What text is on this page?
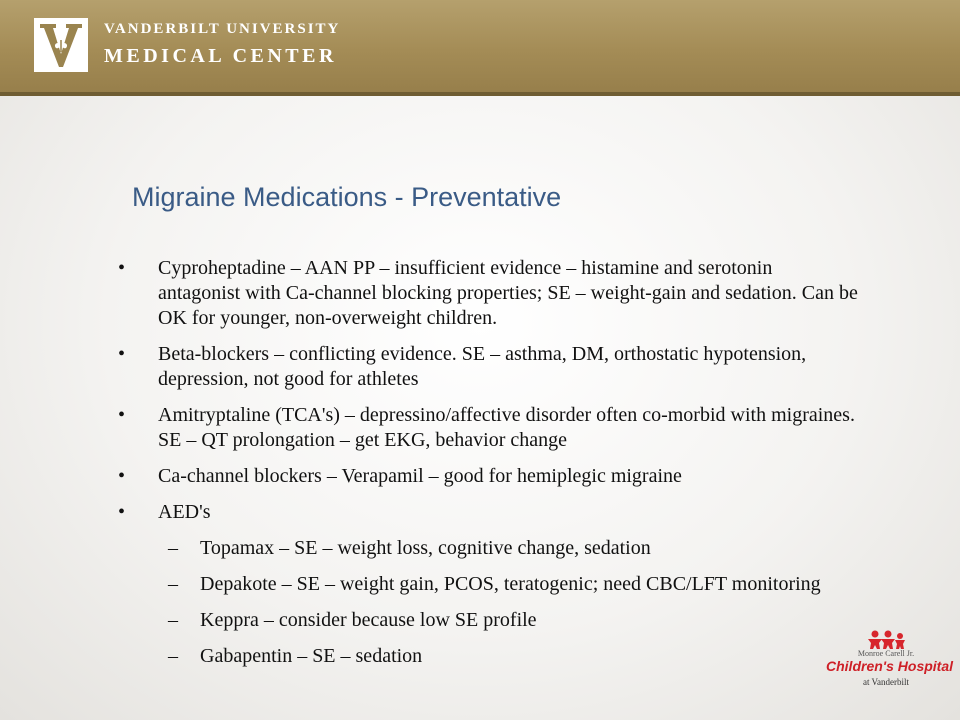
VANDERBILT UNIVERSITY
MEDICAL CENTER
Migraine Medications - Preventative
• Cyproheptadine – AAN PP – insufficient evidence – histamine and serotonin antagonist with Ca-channel blocking properties; SE – weight-gain and sedation. Can be OK for younger, non-overweight children.
• Beta-blockers – conflicting evidence. SE – asthma, DM, orthostatic hypotension, depression, not good for athletes
• Amitryptaline (TCA's) – depressino/affective disorder often co-morbid with migraines. SE – QT prolongation – get EKG, behavior change
• Ca-channel blockers – Verapamil – good for hemiplegic migraine
• AED's
– Topamax – SE – weight loss, cognitive change, sedation
– Depakote – SE – weight gain, PCOS, teratogenic; need CBC/LFT monitoring
– Keppra – consider because low SE profile
– Gabapentin – SE – sedation	Monroe Carell Jr.
Children's Hospital
at Vanderbilt
